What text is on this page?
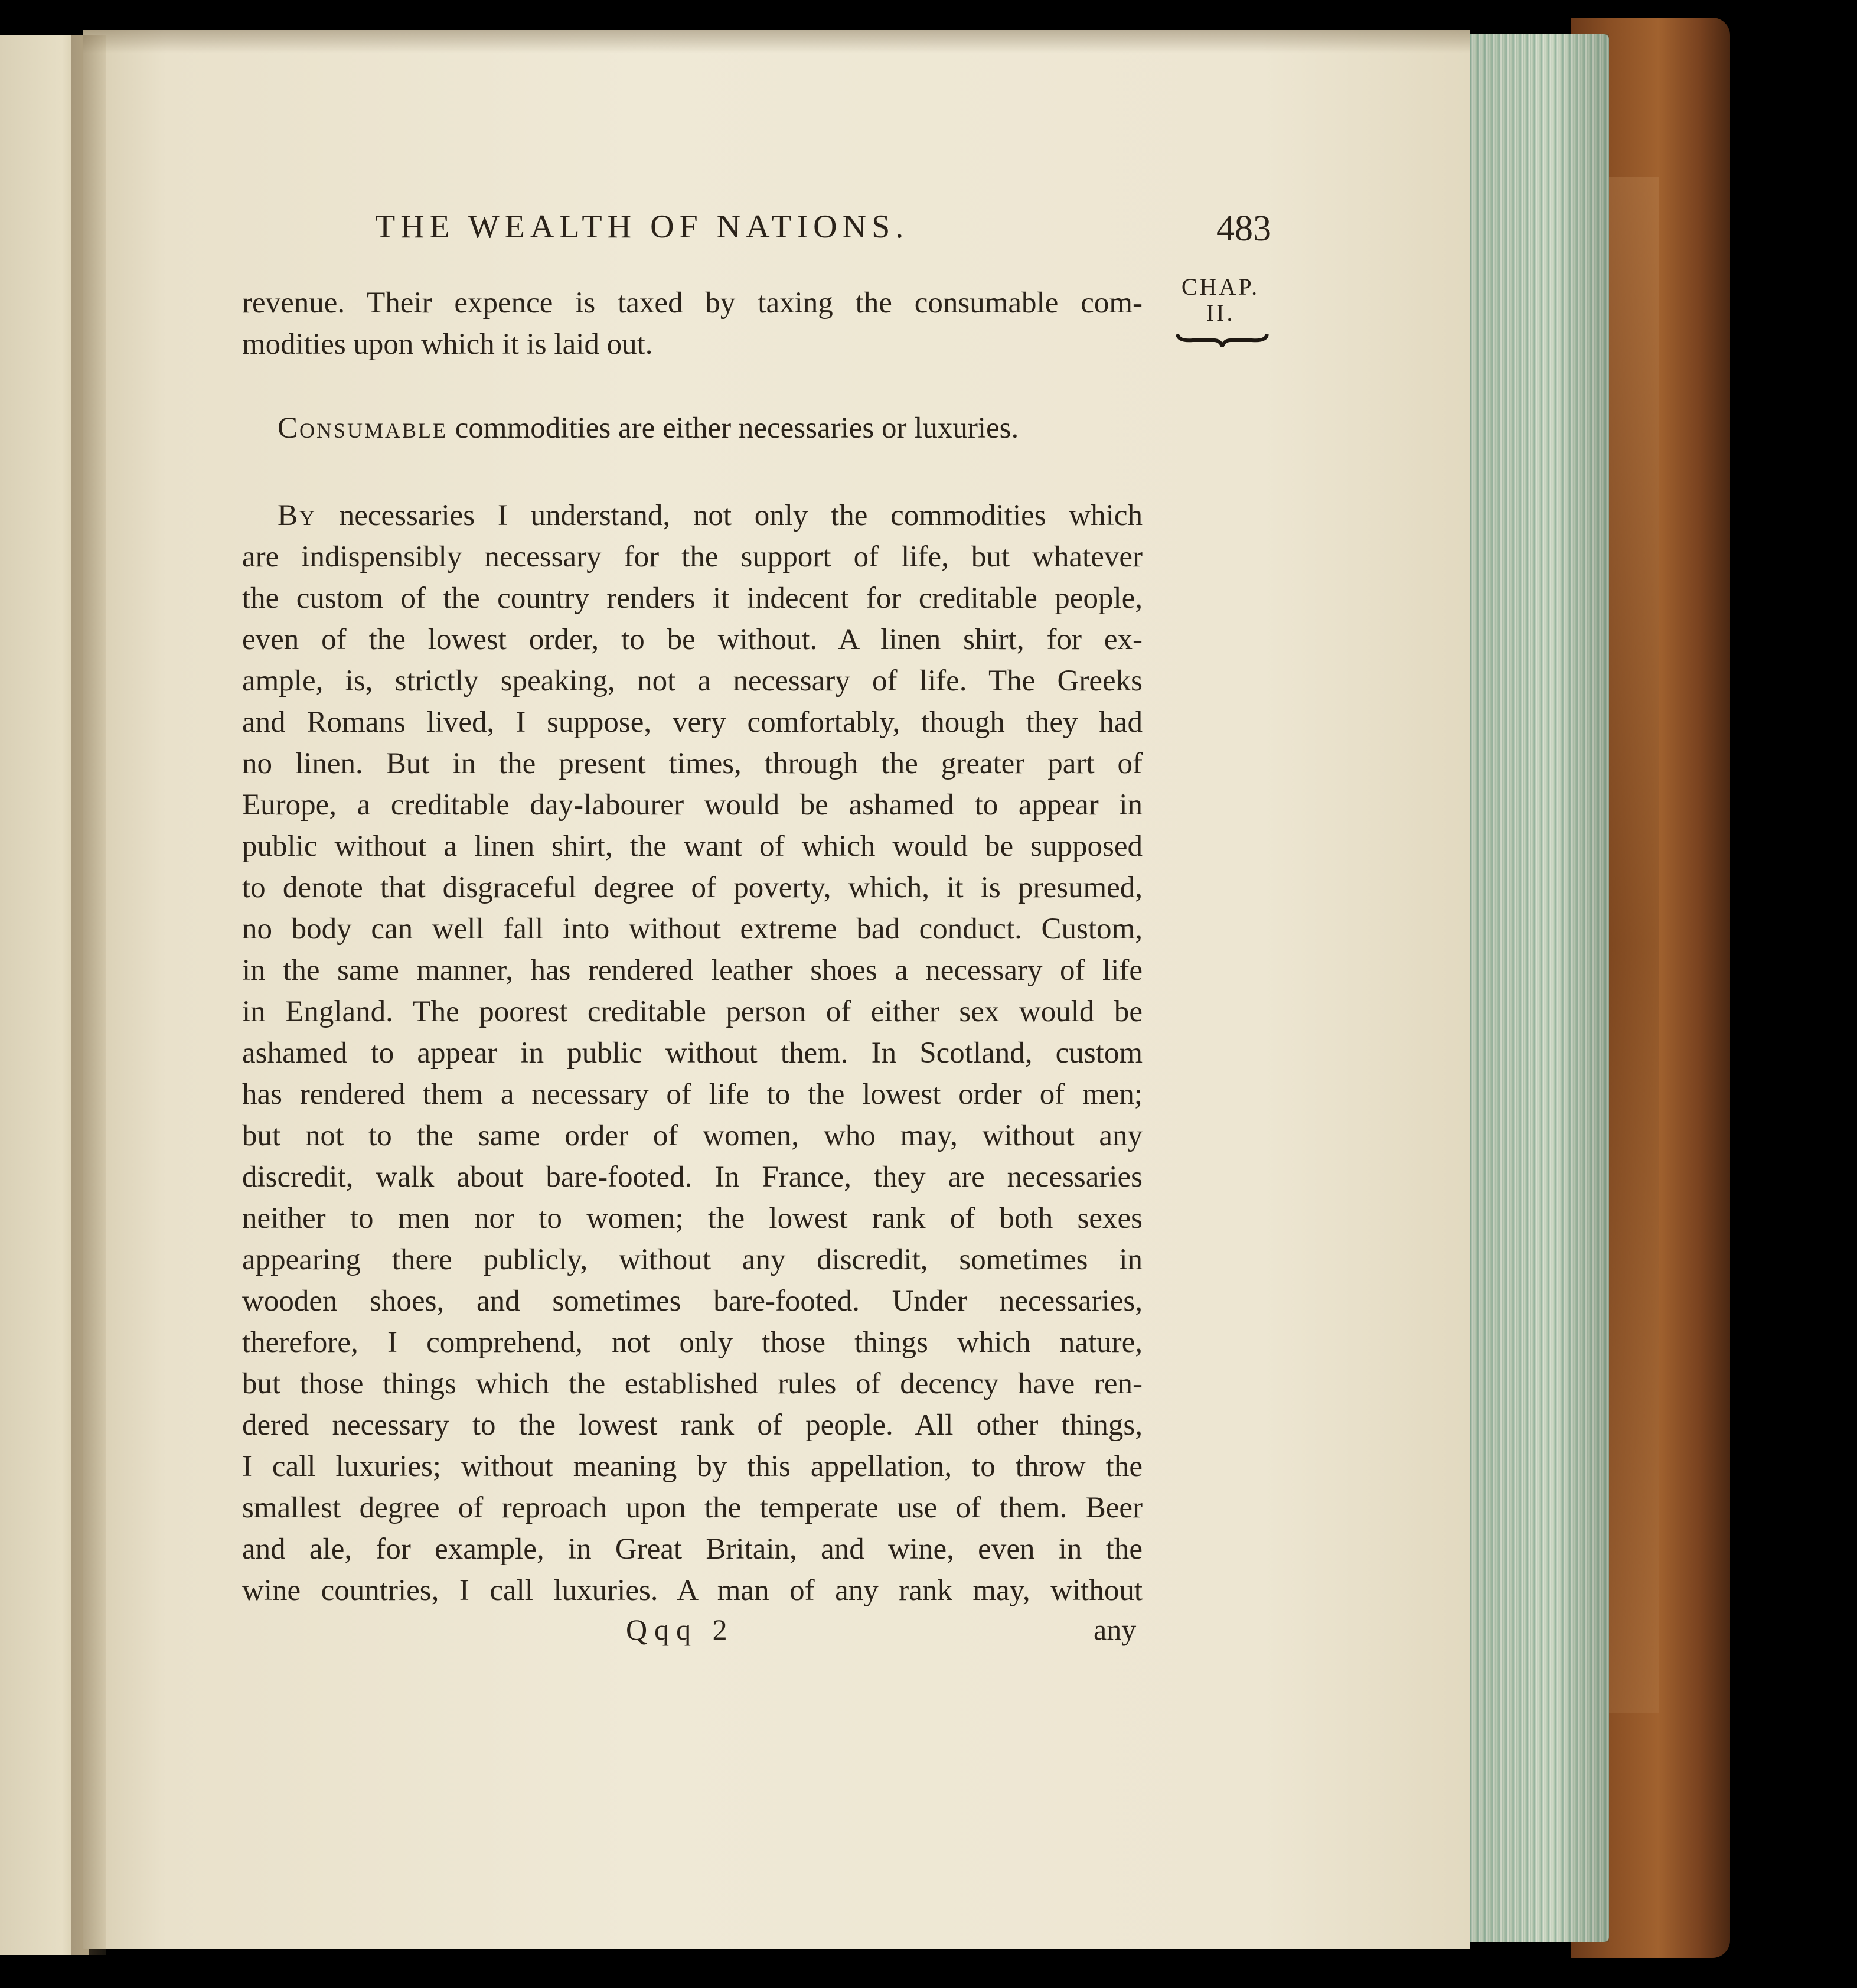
THE WEALTH OF NATIONS.	483
CHAP.
II.
revenue. Their expence is taxed by taxing the consumable com-
modities upon which it is laid out.
Consumable commodities are either necessaries or luxuries.
By necessaries I understand, not only the commodities which
are indispensibly necessary for the support of life, but whatever
the custom of the country renders it indecent for creditable people,
even of the lowest order, to be without. A linen shirt, for ex-
ample, is, strictly speaking, not a necessary of life. The Greeks
and Romans lived, I suppose, very comfortably, though they had
no linen. But in the present times, through the greater part of
Europe, a creditable day-labourer would be ashamed to appear in
public without a linen shirt, the want of which would be supposed
to denote that disgraceful degree of poverty, which, it is presumed,
no body can well fall into without extreme bad conduct. Custom,
in the same manner, has rendered leather shoes a necessary of life
in England. The poorest creditable person of either sex would be
ashamed to appear in public without them. In Scotland, custom
has rendered them a necessary of life to the lowest order of men;
but not to the same order of women, who may, without any
discredit, walk about bare-footed. In France, they are necessaries
neither to men nor to women; the lowest rank of both sexes
appearing there publicly, without any discredit, sometimes in
wooden shoes, and sometimes bare-footed. Under necessaries,
therefore, I comprehend, not only those things which nature,
but those things which the established rules of decency have ren-
dered necessary to the lowest rank of people. All other things,
I call luxuries; without meaning by this appellation, to throw the
smallest degree of reproach upon the temperate use of them. Beer
and ale, for example, in Great Britain, and wine, even in the
wine countries, I call luxuries. A man of any rank may, without
Qqq 2	any
